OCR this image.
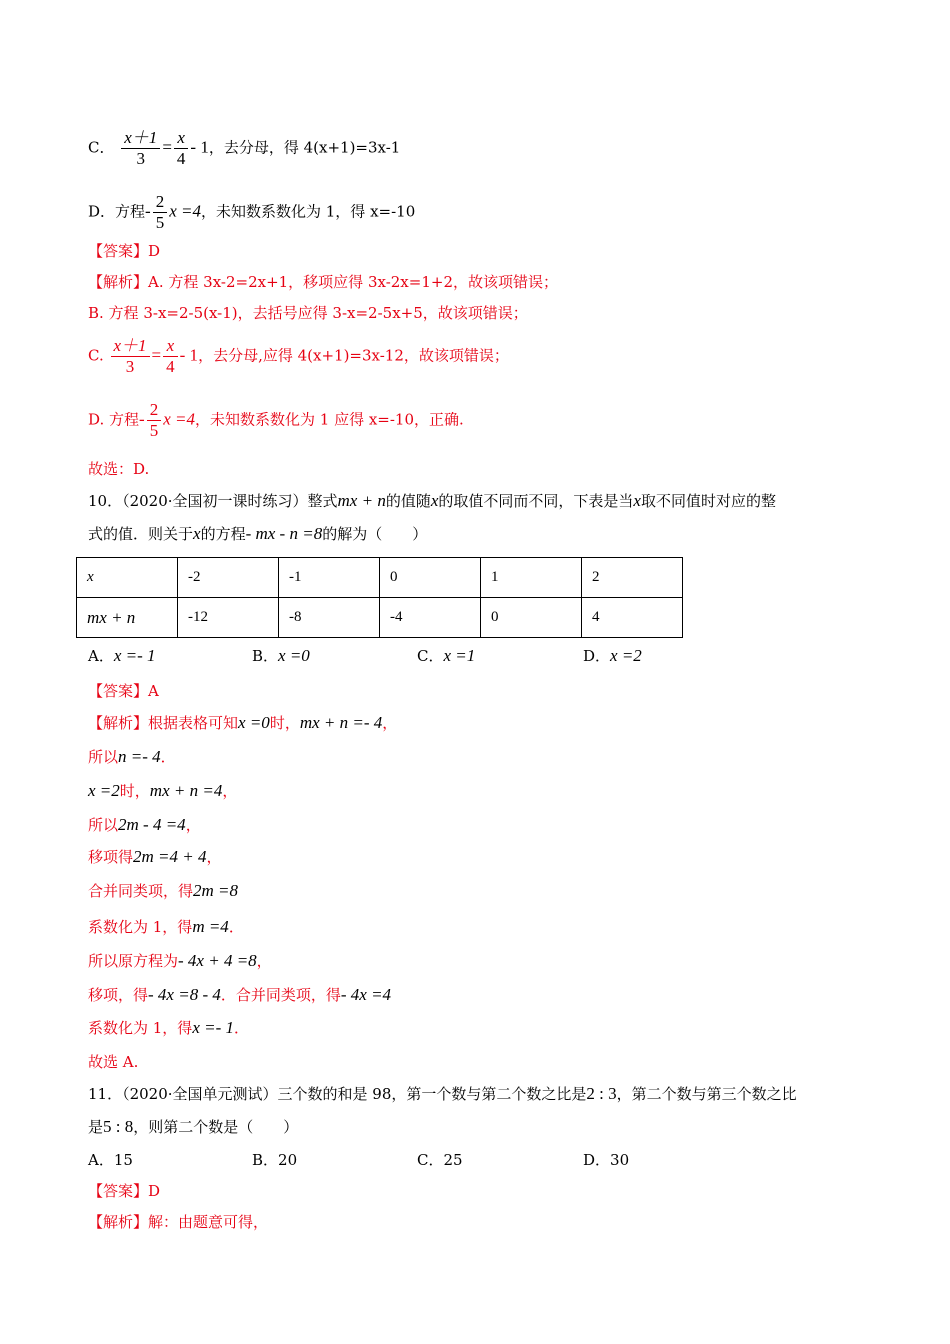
C． $\frac{x+1}{3} = \frac{x}{4} - 1$，去分母，得 4(x+1)=3x-1
D．方程- $\frac{2}{5}$ x =4，未知数系数化为 1，得 x=-10
【答案】D
【解析】A. 方程 3x-2=2x+1，移项应得 3x-2x=1+2，故该项错误；
B. 方程 3-x=2-5(x-1)，去括号应得 3-x=2-5x+5，故该项错误；
C. $\frac{x+1}{3} = \frac{x}{4} - 1$，去分母,应得 4(x+1)=3x-12，故该项错误；
D. 方程- $\frac{2}{5}$ x =4，未知数系数化为 1 应得 x=-10，正确.
故选：D.
10．（2020·全国初一课时练习）整式mx + n的值随x的取值不同而不同，下表是当x取不同值时对应的整
式的值．则关于x的方程- mx - n =8的解为（　　）
x	-2	-1	0	1	2
mx + n	-12	-8	-4	0	4
A．x =- 1	B．x =0	C．x =1	D．x =2
【答案】A
【解析】根据表格可知x =0时，mx + n =- 4，
所以n =- 4．
x =2时，mx + n =4，
所以2m - 4 =4，
移项得2m =4 + 4，
合并同类项，得2m =8
系数化为 1，得m =4．
所以原方程为- 4x + 4 =8，
移项，得- 4x =8 - 4．合并同类项，得- 4x =4
系数化为 1，得x =- 1．
故选 A.
11．（2020·全国单元测试）三个数的和是 98，第一个数与第二个数之比是2 : 3，第二个数与第三个数之比
是5 : 8，则第二个数是（　　）
A．15	B．20	C．25	D．30
【答案】D
【解析】解：由题意可得，
